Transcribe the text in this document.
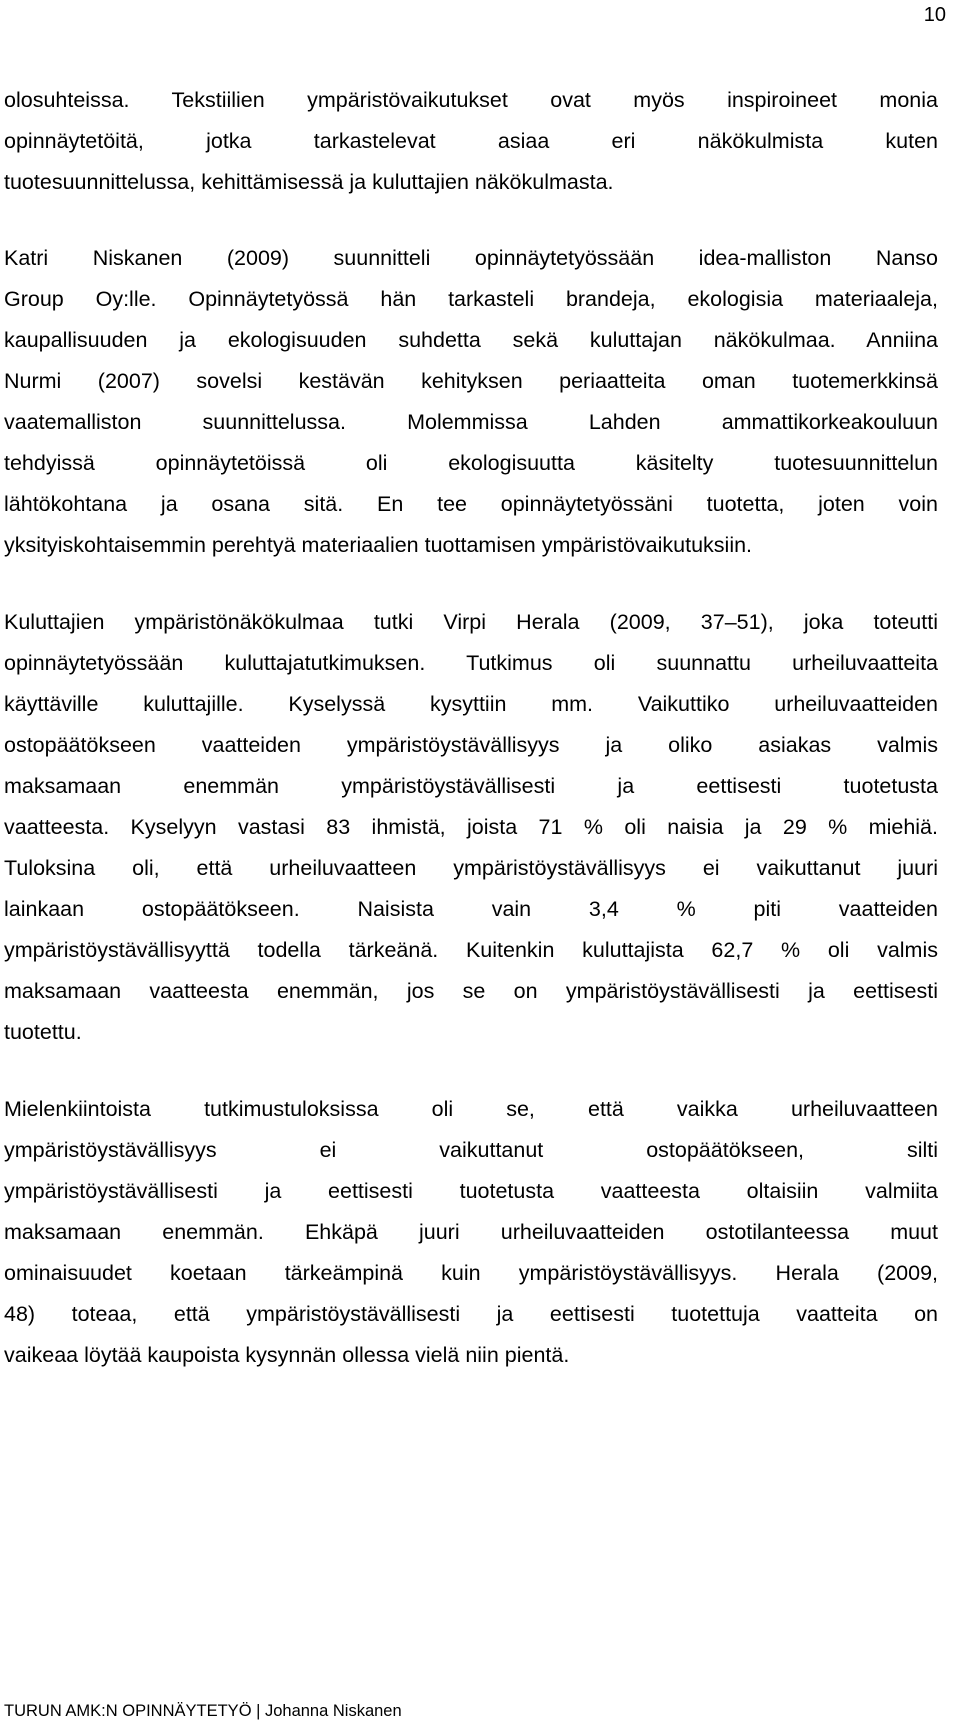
10
olosuhteissa. Tekstiilien ympäristövaikutukset ovat myös inspiroineet monia
opinnäytetöitä, jotka tarkastelevat asiaa eri näkökulmista kuten
tuotesuunnittelussa, kehittämisessä ja kuluttajien näkökulmasta.
Katri Niskanen (2009) suunnitteli opinnäytetyössään idea-malliston Nanso
Group Oy:lle. Opinnäytetyössä hän tarkasteli brandeja, ekologisia materiaaleja,
kaupallisuuden ja ekologisuuden suhdetta sekä kuluttajan näkökulmaa. Anniina
Nurmi (2007) sovelsi kestävän kehityksen periaatteita oman tuotemerkkinsä
vaatemalliston suunnittelussa. Molemmissa Lahden ammattikorkeakouluun
tehdyissä opinnäytetöissä oli ekologisuutta käsitelty tuotesuunnittelun
lähtökohtana ja osana sitä. En tee opinnäytetyössäni tuotetta, joten voin
yksityiskohtaisemmin perehtyä materiaalien tuottamisen ympäristövaikutuksiin.
Kuluttajien ympäristönäkökulmaa tutki Virpi Herala (2009, 37–51), joka toteutti
opinnäytetyössään kuluttajatutkimuksen. Tutkimus oli suunnattu urheiluvaatteita
käyttäville kuluttajille. Kyselyssä kysyttiin mm. Vaikuttiko urheiluvaatteiden
ostopäätökseen vaatteiden ympäristöystävällisyys ja oliko asiakas valmis
maksamaan enemmän ympäristöystävällisesti ja eettisesti tuotetusta
vaatteesta. Kyselyyn vastasi 83 ihmistä, joista 71 % oli naisia ja 29 % miehiä.
Tuloksina oli, että urheiluvaatteen ympäristöystävällisyys ei vaikuttanut juuri
lainkaan ostopäätökseen. Naisista vain 3,4 % piti vaatteiden
ympäristöystävällisyyttä todella tärkeänä. Kuitenkin kuluttajista 62,7 % oli valmis
maksamaan vaatteesta enemmän, jos se on ympäristöystävällisesti ja eettisesti
tuotettu.
Mielenkiintoista tutkimustuloksissa oli se, että vaikka urheiluvaatteen
ympäristöystävällisyys ei vaikuttanut ostopäätökseen, silti
ympäristöystävällisesti ja eettisesti tuotetusta vaatteesta oltaisiin valmiita
maksamaan enemmän. Ehkäpä juuri urheiluvaatteiden ostotilanteessa muut
ominaisuudet koetaan tärkeämpinä kuin ympäristöystävällisyys. Herala (2009,
48) toteaa, että ympäristöystävällisesti ja eettisesti tuotettuja vaatteita on
vaikeaa löytää kaupoista kysynnän ollessa vielä niin pientä.
TURUN AMK:N OPINNÄYTETYÖ | Johanna Niskanen
